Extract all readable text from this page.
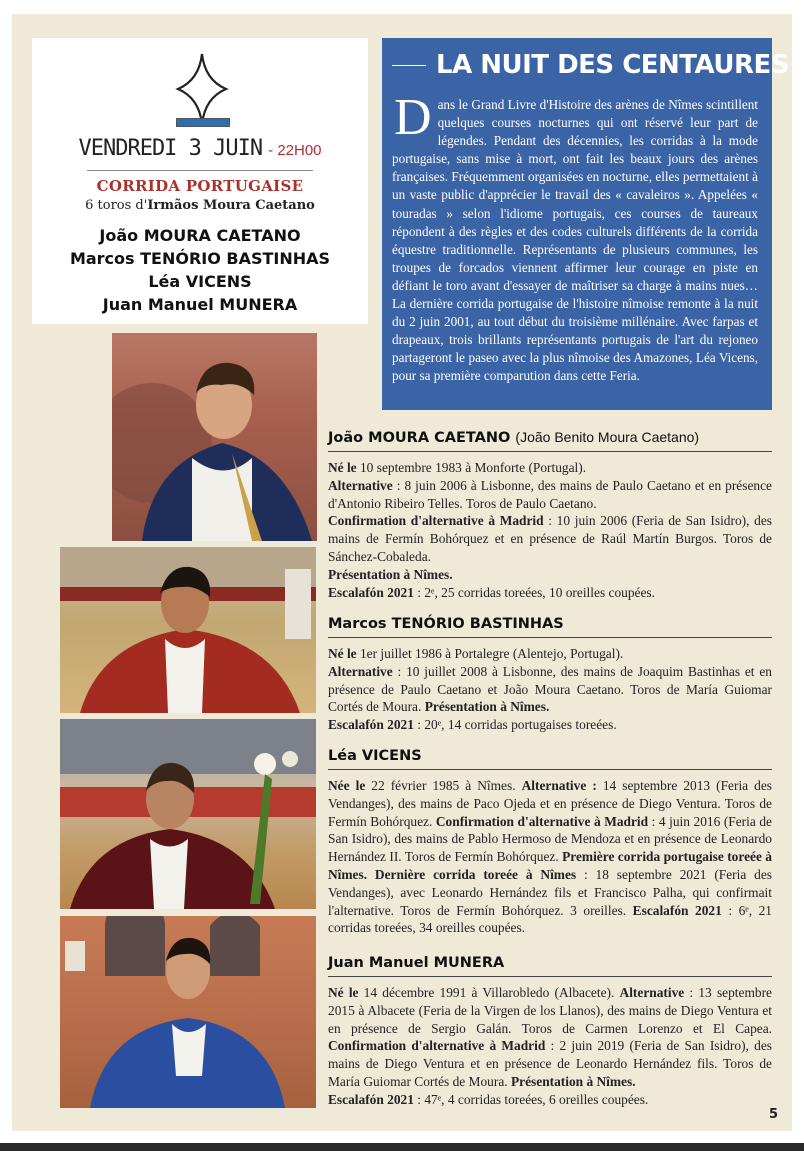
VENDREDI 3 JUIN - 22H00
CORRIDA PORTUGAISE
6 toros d'Irmãos Moura Caetano
João MOURA CAETANO
Marcos TENÓRIO BASTINHAS
Léa VICENS
Juan Manuel MUNERA
LA NUIT DES CENTAURES
Dans le Grand Livre d'Histoire des arènes de Nîmes scintillent quelques courses nocturnes qui ont réservé leur part de légendes. Pendant des décennies, les corridas à la mode portugaise, sans mise à mort, ont fait les beaux jours des arènes françaises. Fréquemment organisées en nocturne, elles permettaient à un vaste public d'apprécier le travail des « cavaleiros ». Appelées « touradas » selon l'idiome portugais, ces courses de taureaux répondent à des règles et des codes culturels différents de la corrida équestre traditionnelle. Représentants de plusieurs communes, les troupes de forcados viennent affirmer leur courage en piste en défiant le toro avant d'essayer de maîtriser sa charge à mains nues… La dernière corrida portugaise de l'histoire nîmoise remonte à la nuit du 2 juin 2001, au tout début du troisième millénaire. Avec farpas et drapeaux, trois brillants représentants portugais de l'art du rejoneo partageront le paseo avec la plus nîmoise des Amazones, Léa Vicens, pour sa première comparution dans cette Feria.
João MOURA CAETANO (João Benito Moura Caetano)

Né le 10 septembre 1983 à Monforte (Portugal).
Alternative : 8 juin 2006 à Lisbonne, des mains de Paulo Caetano et en présence d'Antonio Ribeiro Telles. Toros de Paulo Caetano.
Confirmation d'alternative à Madrid : 10 juin 2006 (Feria de San Isidro), des mains de Fermín Bohórquez et en présence de Raúl Martín Burgos. Toros de Sánchez-Cobaleda.
Présentation à Nîmes.
Escalafón 2021 : 2ᵉ, 25 corridas toreées, 10 oreilles coupées.

Marcos TENÓRIO BASTINHAS

Né le 1er juillet 1986 à Portalegre (Alentejo, Portugal).
Alternative : 10 juillet 2008 à Lisbonne, des mains de Joaquim Bastinhas et en présence de Paulo Caetano et João Moura Caetano. Toros de María Guiomar Cortés de Moura. Présentation à Nîmes.
Escalafón 2021 : 20ᵉ, 14 corridas portugaises toreées.

Léa VICENS

Née le 22 février 1985 à Nîmes. Alternative : 14 septembre 2013 (Feria des Vendanges), des mains de Paco Ojeda et en présence de Diego Ventura. Toros de Fermín Bohórquez. Confirmation d'alternative à Madrid : 4 juin 2016 (Feria de San Isidro), des mains de Pablo Hermoso de Mendoza et en présence de Leonardo Hernández II. Toros de Fermín Bohórquez. Première corrida portugaise toreée à Nîmes. Dernière corrida toreée à Nîmes : 18 septembre 2021 (Feria des Vendanges), avec Leonardo Hernández fils et Francisco Palha, qui confirmait l'alternative. Toros de Fermín Bohórquez. 3 oreilles. Escalafón 2021 : 6ᵉ, 21 corridas toreées, 34 oreilles coupées.

Juan Manuel MUNERA

Né le 14 décembre 1991 à Villarobledo (Albacete). Alternative : 13 septembre 2015 à Albacete (Feria de la Virgen de los Llanos), des mains de Diego Ventura et en présence de Sergio Galán. Toros de Carmen Lorenzo et El Capea. Confirmation d'alternative à Madrid : 2 juin 2019 (Feria de San Isidro), des mains de Diego Ventura et en présence de Leonardo Hernández fils. Toros de María Guiomar Cortés de Moura. Présentation à Nîmes.
Escalafón 2021 : 47ᵉ, 4 corridas toreées, 6 oreilles coupées.

5
